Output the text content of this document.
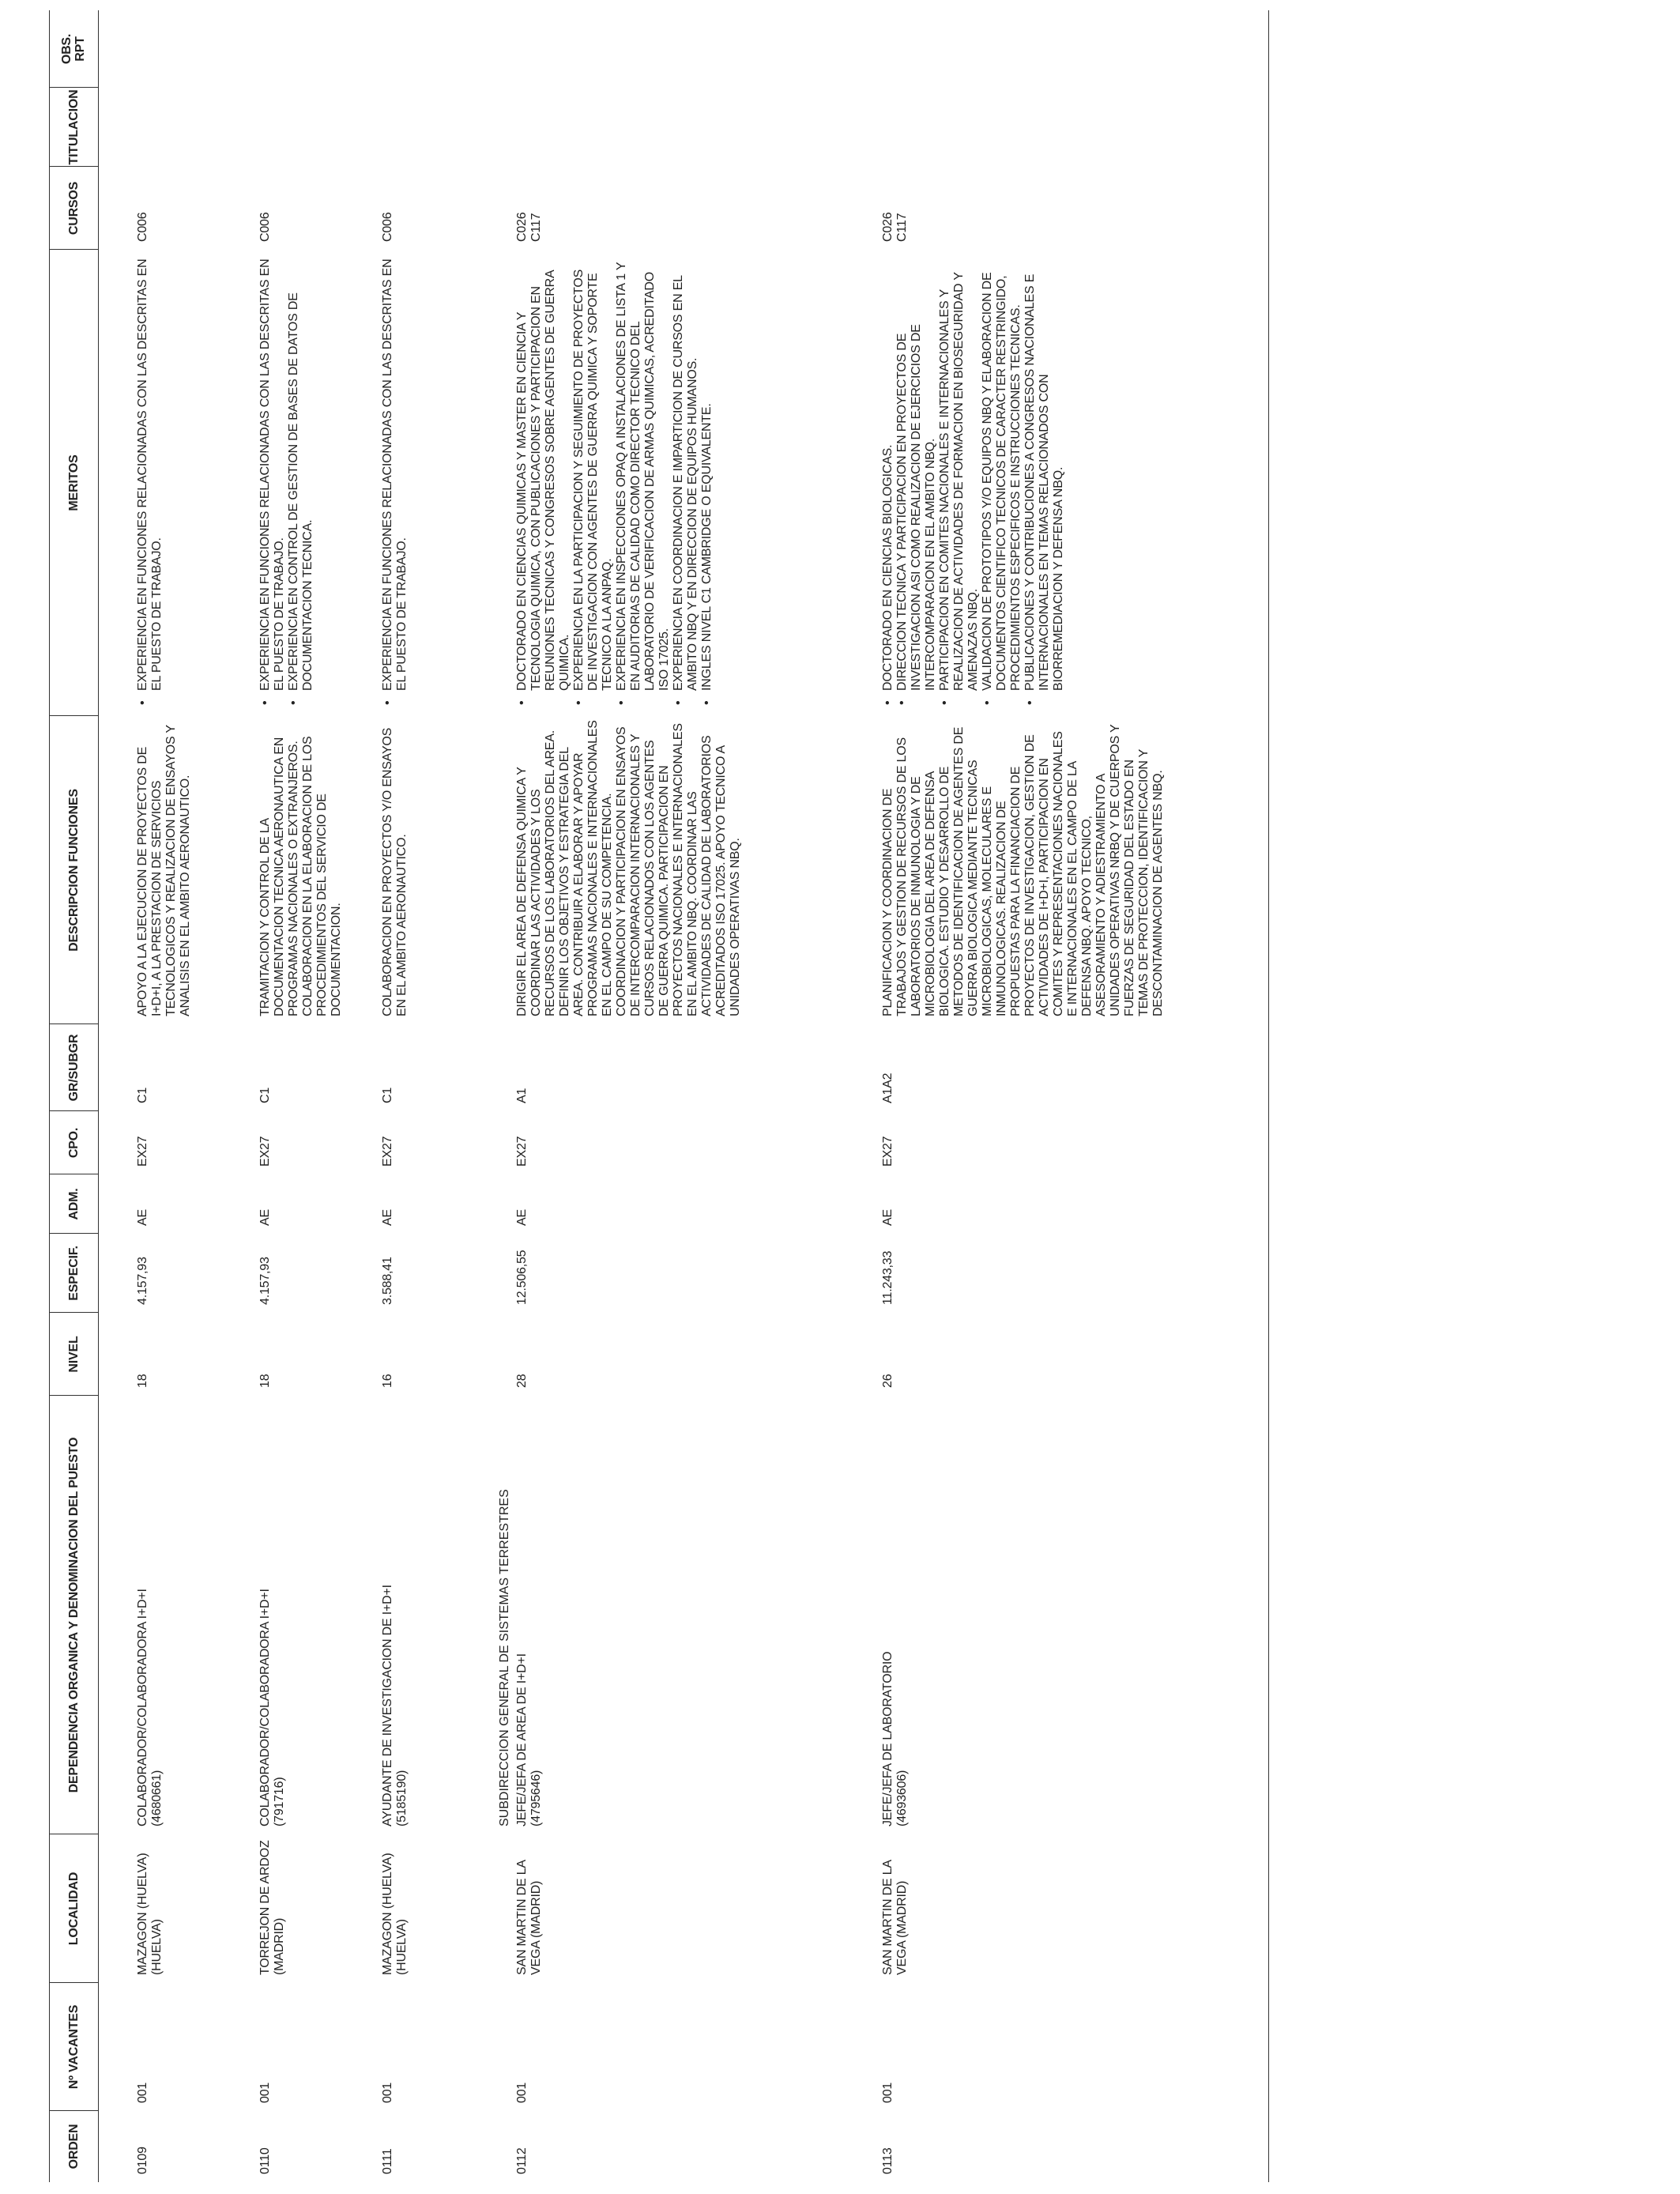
ORDEN
Nº VACANTES
LOCALIDAD
DEPENDENCIA ORGANICA Y DENOMINACION DEL PUESTO
NIVEL
ESPECIF.
ADM.
CPO.
GR/SUBGR
DESCRIPCION FUNCIONES
MERITOS
CURSOS
TITULACION
OBS. RPT
SUBDIRECCION GENERAL DE SISTEMAS TERRESTRES
0109
001
MAZAGON (HUELVA) (HUELVA)
COLABORADOR/COLABORADORA I+D+I (4680661)
18
4.157,93
AE
EX27
C1
APOYO A LA EJECUCION DE PROYECTOS DE I+D+I, A LA PRESTACION DE SERVICIOS TECNOLOGICOS Y REALIZACION DE ENSAYOS Y ANALISIS EN EL AMBITO AERONAUTICO.
• EXPERIENCIA EN FUNCIONES RELACIONADAS CON LAS DESCRITAS EN EL PUESTO DE TRABAJO.
C006
0110
001
TORREJON DE ARDOZ (MADRID)
COLABORADOR/COLABORADORA I+D+I (791716)
18
4.157,93
AE
EX27
C1
TRAMITACION Y CONTROL DE LA DOCUMENTACION TECNICA AERONAUTICA EN PROGRAMAS NACIONALES O EXTRANJEROS. COLABORACION EN LA ELABORACION DE LOS PROCEDIMIENTOS DEL SERVICIO DE DOCUMENTACION.
• EXPERIENCIA EN FUNCIONES RELACIONADAS CON LAS DESCRITAS EN EL PUESTO DE TRABAJO. • EXPERIENCIA EN CONTROL DE GESTION DE BASES DE DATOS DE DOCUMENTACION TECNICA.
C006
0111
001
MAZAGON (HUELVA) (HUELVA)
AYUDANTE DE INVESTIGACION DE I+D+I (5185190)
16
3.588,41
AE
EX27
C1
COLABORACION EN PROYECTOS Y/O ENSAYOS EN EL AMBITO AERONAUTICO.
• EXPERIENCIA EN FUNCIONES RELACIONADAS CON LAS DESCRITAS EN EL PUESTO DE TRABAJO.
C006
0112
001
SAN MARTIN DE LA VEGA (MADRID)
JEFE/JEFA DE AREA DE I+D+I (4795646)
28
12.506,55
AE
EX27
A1
DIRIGIR EL AREA DE DEFENSA QUIMICA Y COORDINAR LAS ACTIVIDADES Y LOS RECURSOS DE LOS LABORATORIOS DEL AREA. DEFINIR LOS OBJETIVOS Y ESTRATEGIA DEL AREA. CONTRIBUIR A ELABORAR Y APOYAR PROGRAMAS NACIONALES E INTERNACIONALES EN EL CAMPO DE SU COMPETENCIA. COORDINACION Y PARTICIPACION EN ENSAYOS DE INTERCOMPARACION INTERNACIONALES Y CURSOS RELACIONADOS CON LOS AGENTES DE GUERRA QUIMICA. PARTICIPACION EN PROYECTOS NACIONALES E INTERNACIONALES EN EL AMBITO NBQ. COORDINAR LAS ACTIVIDADES DE CALIDAD DE LABORATORIOS ACREDITADOS ISO 17025. APOYO TECNICO A UNIDADES OPERATIVAS NBQ.
• DOCTORADO EN CIENCIAS QUIMICAS Y MASTER EN CIENCIA Y TECNOLOGIA QUIMICA, CON PUBLICACIONES Y PARTICIPACION EN REUNIONES TECNICAS Y CONGRESOS SOBRE AGENTES DE GUERRA QUIMICA. • EXPERIENCIA EN LA PARTICIPACION Y SEGUIMIENTO DE PROYECTOS DE INVESTIGACION CON AGENTES DE GUERRA QUIMICA Y SOPORTE TECNICO A LA ANPAQ. • EXPERIENCIA EN INSPECCIONES OPAQ A INSTALACIONES DE LISTA 1 Y EN AUDITORIAS DE CALIDAD COMO DIRECTOR TECNICO DEL LABORATORIO DE VERIFICACION DE ARMAS QUIMICAS, ACREDITADO ISO 17025. • EXPERIENCIA EN COORDINACION E IMPARTICION DE CURSOS EN EL AMBITO NBQ Y EN DIRECCION DE EQUIPOS HUMANOS. • INGLES NIVEL C1 CAMBRIDGE O EQUIVALENTE.
C026 C117
0113
001
SAN MARTIN DE LA VEGA (MADRID)
JEFE/JEFA DE LABORATORIO (4693606)
26
11.243,33
AE
EX27
A1A2
PLANIFICACION Y COORDINACION DE TRABAJOS Y GESTION DE RECURSOS DE LOS LABORATORIOS DE INMUNOLOGIA Y DE MICROBIOLOGIA DEL AREA DE DEFENSA BIOLOGICA. ESTUDIO Y DESARROLLO DE METODOS DE IDENTIFICACION DE AGENTES DE GUERRA BIOLOGICA MEDIANTE TECNICAS MICROBIOLOGICAS, MOLECULARES E INMUNOLOGICAS. REALIZACION DE PROPUESTAS PARA LA FINANCIACION DE PROYECTOS DE INVESTIGACION, GESTION DE ACTIVIDADES DE I+D+I, PARTICIPACION EN COMITES Y REPRESENTACIONES NACIONALES E INTERNACIONALES EN EL CAMPO DE LA DEFENSA NBQ. APOYO TECNICO, ASESORAMIENTO Y ADIESTRAMIENTO A UNIDADES OPERATIVAS NRBQ Y DE CUERPOS Y FUERZAS DE SEGURIDAD DEL ESTADO EN TEMAS DE PROTECCION, IDENTIFICACION Y DESCONTAMINACION DE AGENTES NBQ.
• DOCTORADO EN CIENCIAS BIOLOGICAS. • DIRECCION TECNICA Y PARTICIPACION EN PROYECTOS DE INVESTIGACION ASI COMO REALIZACION DE EJERCICIOS DE INTERCOMPARACION EN EL AMBITO NBQ. • PARTICIPACION EN COMITES NACIONALES E INTERNACIONALES Y REALIZACION DE ACTIVIDADES DE FORMACION EN BIOSEGURIDAD Y AMENAZAS NBQ. • VALIDACION DE PROTOTIPOS Y/O EQUIPOS NBQ Y ELABORACION DE DOCUMENTOS CIENTIFICO TECNICOS DE CARACTER RESTRINGIDO, PROCEDIMIENTOS ESPECIFICOS E INSTRUCCIONES TECNICAS. • PUBLICACIONES Y CONTRIBUCIONES A CONGRESOS NACIONALES E INTERNACIONALES EN TEMAS RELACIONADOS CON BIORREMEDIACION Y DEFENSA NBQ.
C026 C117
